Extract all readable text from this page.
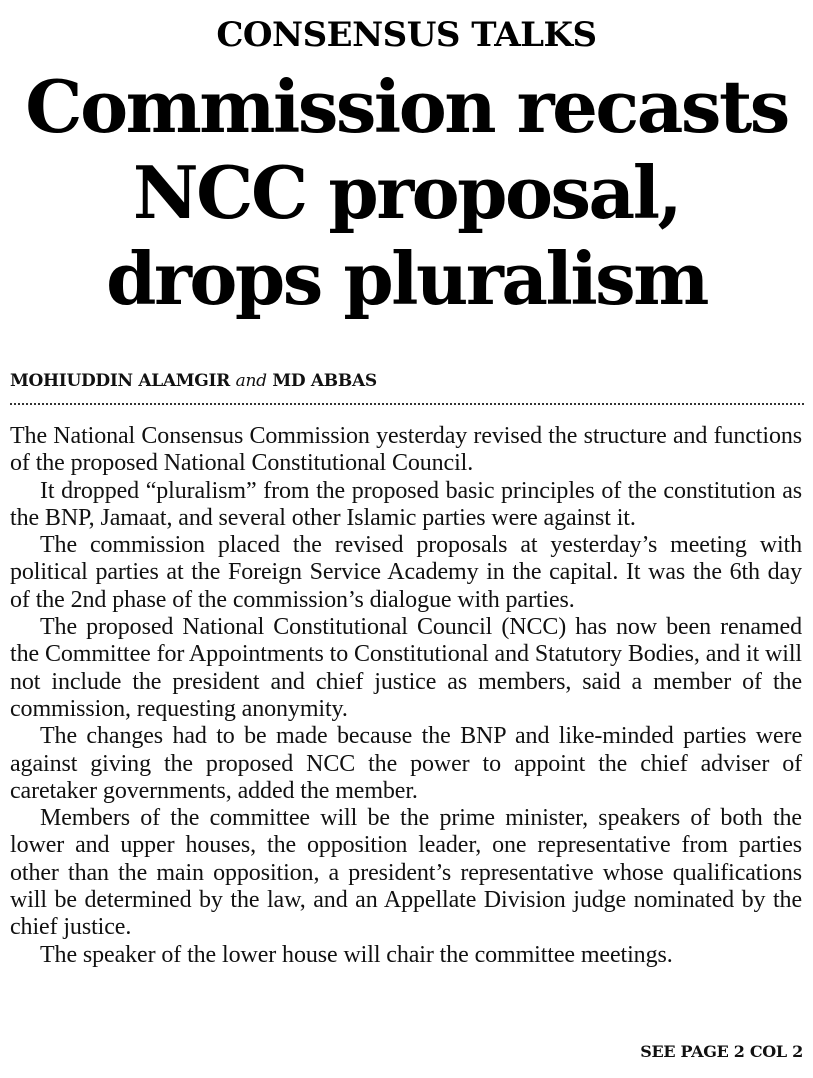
CONSENSUS TALKS
Commission recasts
NCC proposal,
drops pluralism
MOHIUDDIN ALAMGIR and MD ABBAS

The National Consensus Commission yesterday revised the structure and functions of the proposed National Constitutional Council.

It dropped “pluralism” from the proposed basic principles of the constitution as the BNP, Jamaat, and several other Islamic parties were against it.

The commission placed the revised proposals at yesterday’s meeting with political parties at the Foreign Service Academy in the capital. It was the 6th day of the 2nd phase of the commission’s dialogue with parties.

The proposed National Constitutional Council (NCC) has now been renamed the Committee for Appointments to Constitutional and Statutory Bodies, and it will not include the president and chief justice as members, said a member of the commission, requesting anonymity.

The changes had to be made because the BNP and like-minded parties were against giving the proposed NCC the power to appoint the chief adviser of caretaker governments, added the member.

Members of the committee will be the prime minister, speakers of both the lower and upper houses, the opposition leader, one representative from parties other than the main opposition, a president’s representative whose qualifications will be determined by the law, and an Appellate Division judge nominated by the chief justice.

The speaker of the lower house will chair the committee meetings.

SEE PAGE 2 COL 2
